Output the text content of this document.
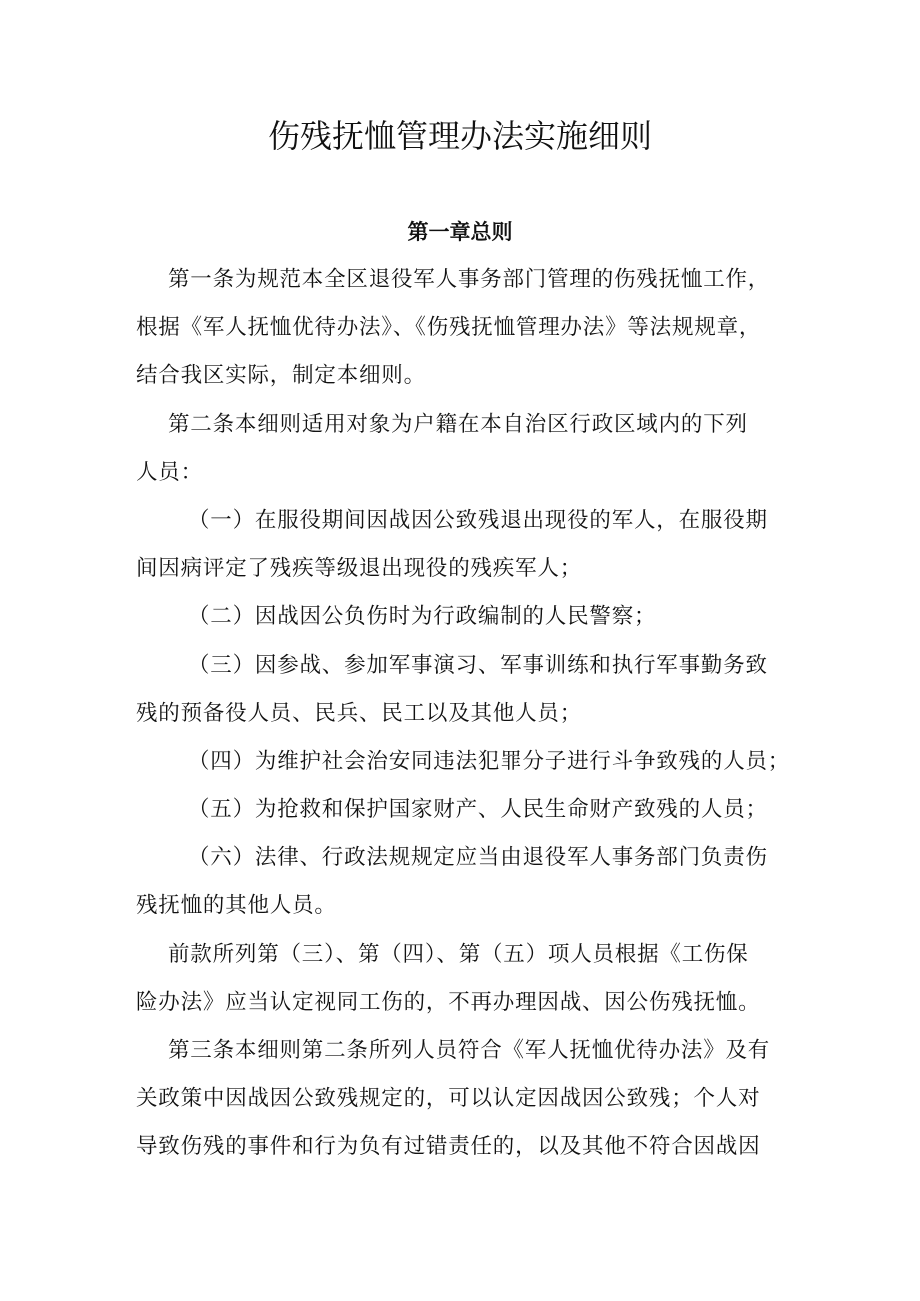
伤残抚恤管理办法实施细则
第一章总则
第一条为规范本全区退役军人事务部门管理的伤残抚恤工作，
根据《军人抚恤优待办法》、《伤残抚恤管理办法》等法规规章，
结合我区实际，制定本细则。
第二条本细则适用对象为户籍在本自治区行政区域内的下列
人员：
（一）在服役期间因战因公致残退出现役的军人，在服役期
间因病评定了残疾等级退出现役的残疾军人；
（二）因战因公负伤时为行政编制的人民警察；
（三）因参战、参加军事演习、军事训练和执行军事勤务致
残的预备役人员、民兵、民工以及其他人员；
（四）为维护社会治安同违法犯罪分子进行斗争致残的人员；
（五）为抢救和保护国家财产、人民生命财产致残的人员；
（六）法律、行政法规规定应当由退役军人事务部门负责伤
残抚恤的其他人员。
前款所列第（三）、第（四）、第（五）项人员根据《工伤保
险办法》应当认定视同工伤的，不再办理因战、因公伤残抚恤。
第三条本细则第二条所列人员符合《军人抚恤优待办法》及有
关政策中因战因公致残规定的，可以认定因战因公致残；个人对
导致伤残的事件和行为负有过错责任的，以及其他不符合因战因
